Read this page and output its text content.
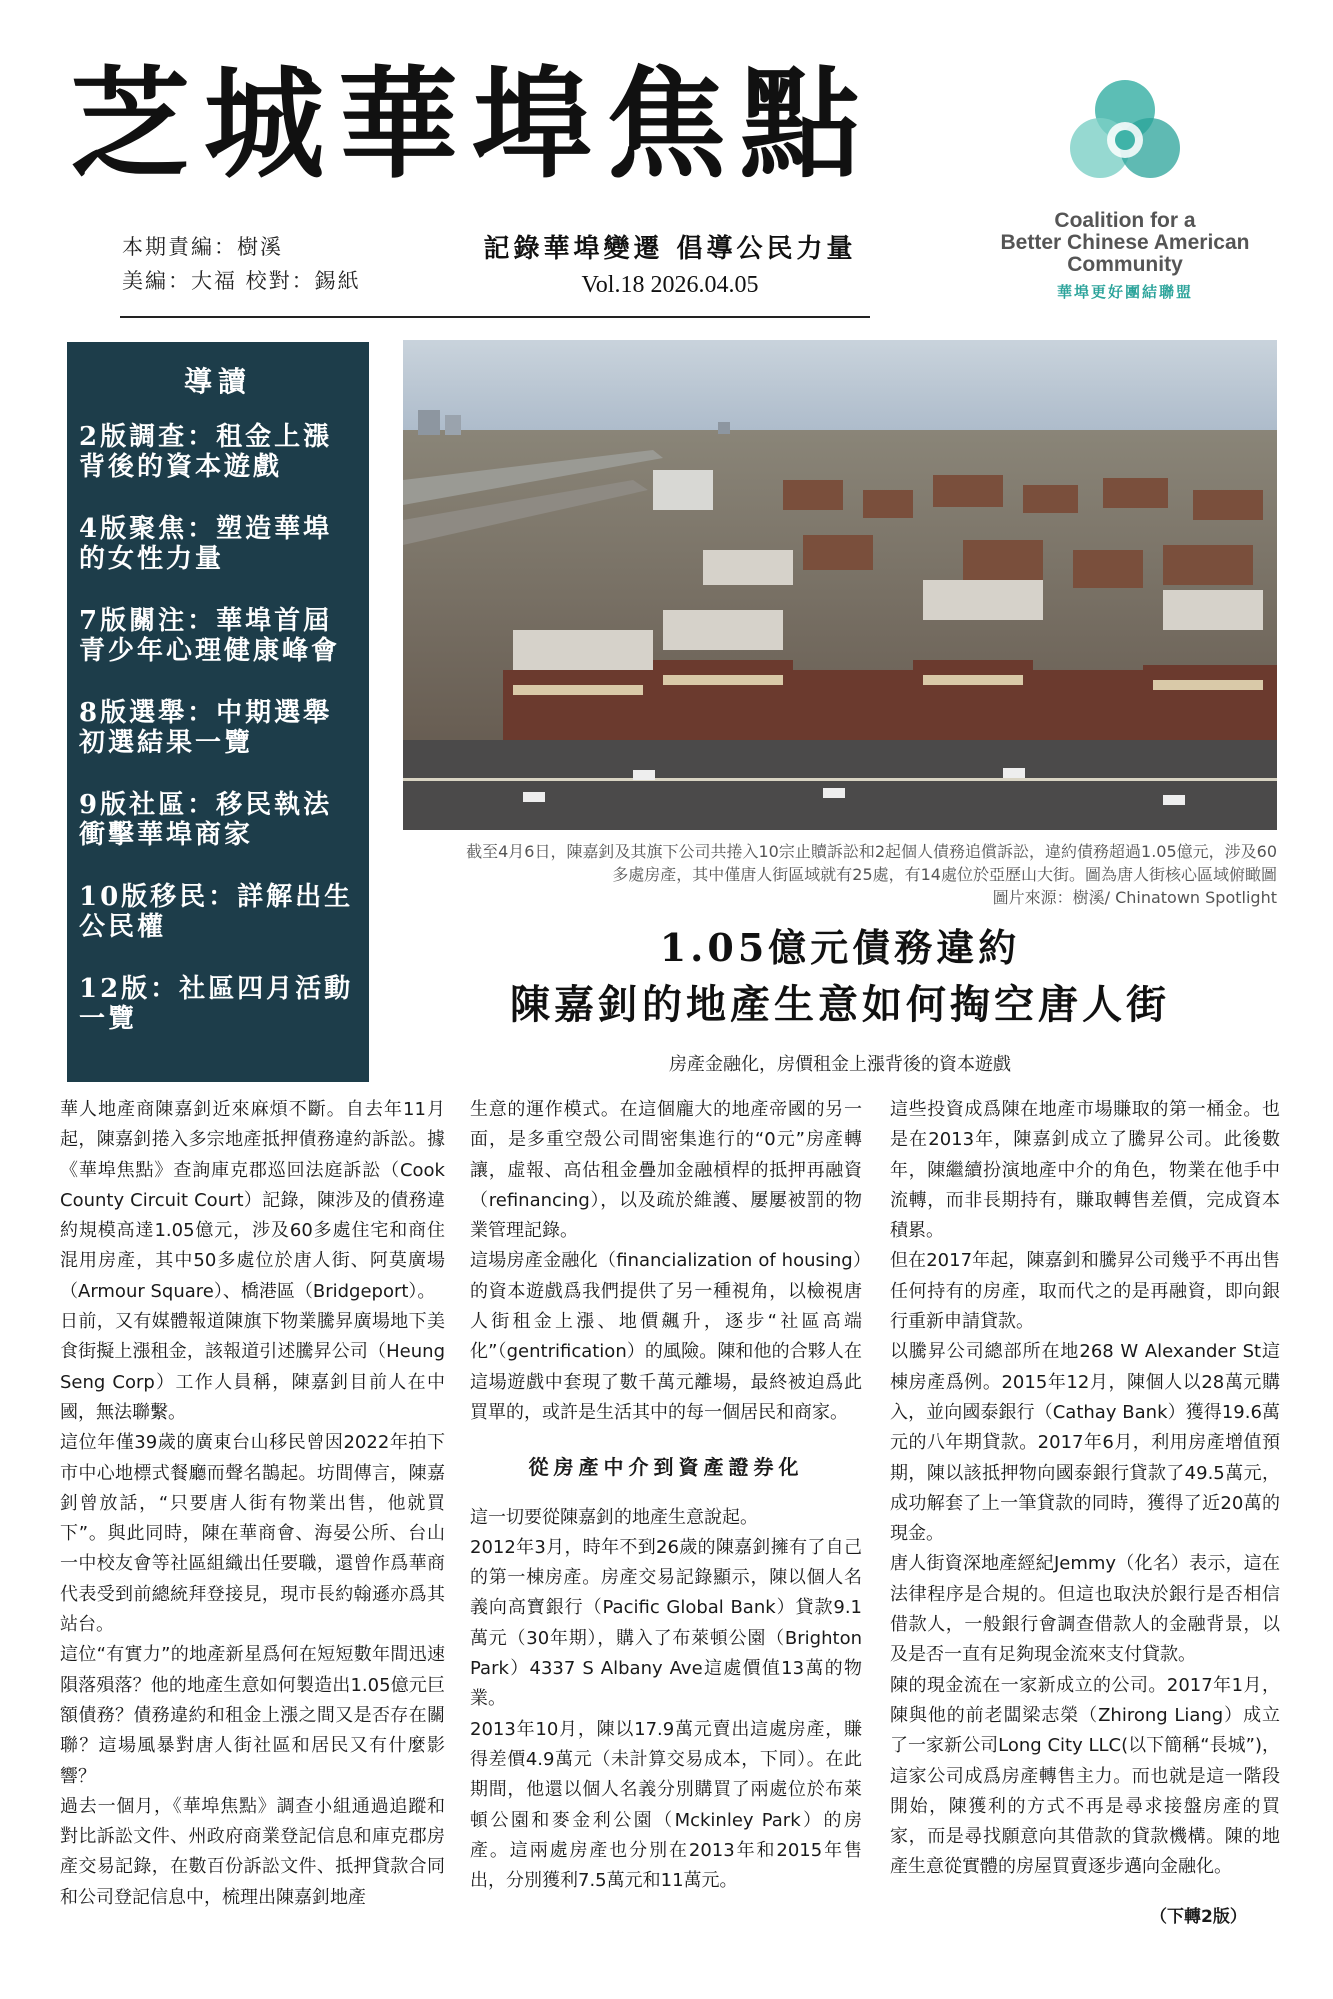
芝城華埠焦點
Coalition for a
Better Chinese American
Community
華埠更好團結聯盟
本期責編：樹溪
美編：大福 校對：錫紙
記錄華埠變遷 倡導公民力量
Vol.18 2026.04.05
導讀
2版調查：租金上漲背後的資本遊戲
4版聚焦：塑造華埠的女性力量
7版關注：華埠首屆青少年心理健康峰會
8版選舉：中期選舉初選結果一覽
9版社區：移民執法衝擊華埠商家
10版移民：詳解出生公民權
12版：社區四月活動一覽
截至4月6日，陳嘉釗及其旗下公司共捲入10宗止贖訴訟和2起個人債務追償訴訟，違約債務超過1.05億元，涉及60
多處房產，其中僅唐人街區域就有25處，有14處位於亞歷山大街。圖為唐人街核心區域俯瞰圖
圖片來源：樹溪/ Chinatown Spotlight
1.05億元債務違約
陳嘉釗的地產生意如何掏空唐人街
房產金融化，房價租金上漲背後的資本遊戲

華人地產商陳嘉釗近來麻煩不斷。自去年11月起，陳嘉釗捲入多宗地產抵押債務違約訴訟。據《華埠焦點》查詢庫克郡巡回法庭訴訟（Cook County Circuit Court）記錄，陳涉及的債務違約規模高達1.05億元，涉及60多處住宅和商住混用房產，其中50多處位於唐人街、阿莫廣場（Armour Square）、橋港區（Bridgeport）。

日前，又有媒體報道陳旗下物業騰昇廣場地下美食街擬上漲租金，該報道引述騰昇公司（Heung Seng Corp）工作人員稱，陳嘉釗目前人在中國，無法聯繫。

這位年僅39歲的廣東台山移民曾因2022年拍下市中心地標式餐廳而聲名鵲起。坊間傳言，陳嘉釗曾放話，“只要唐人街有物業出售，他就買下”。與此同時，陳在華商會、海晏公所、台山一中校友會等社區組織出任要職，還曾作爲華商代表受到前總統拜登接見，現市長約翰遜亦爲其站台。

這位“有實力”的地產新星爲何在短短數年間迅速隕落殞落？他的地產生意如何製造出1.05億元巨額債務？債務違約和租金上漲之間又是否存在關聯？這場風暴對唐人街社區和居民又有什麼影響？

過去一個月，《華埠焦點》調查小組通過追蹤和對比訴訟文件、州政府商業登記信息和庫克郡房產交易記錄，在數百份訴訟文件、抵押貸款合同和公司登記信息中，梳理出陳嘉釗地產

生意的運作模式。在這個龐大的地產帝國的另一面，是多重空殼公司間密集進行的“0元”房產轉讓，虛報、高估租金疊加金融槓桿的抵押再融資（refinancing），以及疏於維護、屢屢被罰的物業管理記錄。

這場房產金融化（financialization of housing）的資本遊戲爲我們提供了另一種視角，以檢視唐人街租金上漲、地價飆升，逐步“社區高端化”（gentrification）的風險。陳和他的合夥人在這場遊戲中套現了數千萬元離場，最終被迫爲此買單的，或許是生活其中的每一個居民和商家。

從房產中介到資產證券化

這一切要從陳嘉釗的地產生意說起。

2012年3月，時年不到26歲的陳嘉釗擁有了自己的第一棟房產。房產交易記錄顯示，陳以個人名義向高寶銀行（Pacific Global Bank）貸款9.1萬元（30年期），購入了布萊頓公園（Brighton Park）4337 S Albany Ave這處價值13萬的物業。

2013年10月，陳以17.9萬元賣出這處房產，賺得差價4.9萬元（未計算交易成本，下同）。在此期間，他還以個人名義分別購買了兩處位於布萊頓公園和麥金利公園（Mckinley Park）的房產。這兩處房產也分別在2013年和2015年售出，分別獲利7.5萬元和11萬元。

這些投資成爲陳在地產市場賺取的第一桶金。也是在2013年，陳嘉釗成立了騰昇公司。此後數年，陳繼續扮演地產中介的角色，物業在他手中流轉，而非長期持有，賺取轉售差價，完成資本積累。

但在2017年起，陳嘉釗和騰昇公司幾乎不再出售任何持有的房產，取而代之的是再融資，即向銀行重新申請貸款。

以騰昇公司總部所在地268 W Alexander St這棟房產爲例。2015年12月，陳個人以28萬元購入，並向國泰銀行（Cathay Bank）獲得19.6萬元的八年期貸款。2017年6月，利用房產增值預期，陳以該抵押物向國泰銀行貸款了49.5萬元，成功解套了上一筆貸款的同時，獲得了近20萬的現金。

唐人街資深地產經紀Jemmy（化名）表示，這在法律程序是合規的。但這也取決於銀行是否相信借款人，一般銀行會調查借款人的金融背景，以及是否一直有足夠現金流來支付貸款。

陳的現金流在一家新成立的公司。2017年1月，陳與他的前老闆梁志榮（Zhirong Liang）成立了一家新公司Long City LLC(以下簡稱“長城”)，這家公司成爲房產轉售主力。而也就是這一階段開始，陳獲利的方式不再是尋求接盤房產的買家，而是尋找願意向其借款的貸款機構。陳的地產生意從實體的房屋買賣逐步邁向金融化。

（下轉2版）
